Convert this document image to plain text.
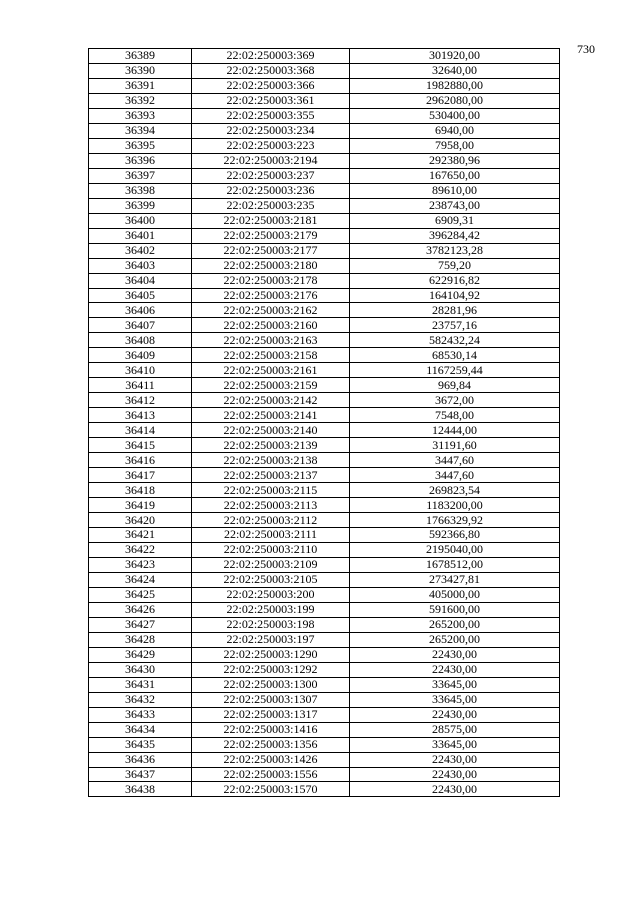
730
36389	22:02:250003:369	301920,00
36390	22:02:250003:368	32640,00
36391	22:02:250003:366	1982880,00
36392	22:02:250003:361	2962080,00
36393	22:02:250003:355	530400,00
36394	22:02:250003:234	6940,00
36395	22:02:250003:223	7958,00
36396	22:02:250003:2194	292380,96
36397	22:02:250003:237	167650,00
36398	22:02:250003:236	89610,00
36399	22:02:250003:235	238743,00
36400	22:02:250003:2181	6909,31
36401	22:02:250003:2179	396284,42
36402	22:02:250003:2177	3782123,28
36403	22:02:250003:2180	759,20
36404	22:02:250003:2178	622916,82
36405	22:02:250003:2176	164104,92
36406	22:02:250003:2162	28281,96
36407	22:02:250003:2160	23757,16
36408	22:02:250003:2163	582432,24
36409	22:02:250003:2158	68530,14
36410	22:02:250003:2161	1167259,44
36411	22:02:250003:2159	969,84
36412	22:02:250003:2142	3672,00
36413	22:02:250003:2141	7548,00
36414	22:02:250003:2140	12444,00
36415	22:02:250003:2139	31191,60
36416	22:02:250003:2138	3447,60
36417	22:02:250003:2137	3447,60
36418	22:02:250003:2115	269823,54
36419	22:02:250003:2113	1183200,00
36420	22:02:250003:2112	1766329,92
36421	22:02:250003:2111	592366,80
36422	22:02:250003:2110	2195040,00
36423	22:02:250003:2109	1678512,00
36424	22:02:250003:2105	273427,81
36425	22:02:250003:200	405000,00
36426	22:02:250003:199	591600,00
36427	22:02:250003:198	265200,00
36428	22:02:250003:197	265200,00
36429	22:02:250003:1290	22430,00
36430	22:02:250003:1292	22430,00
36431	22:02:250003:1300	33645,00
36432	22:02:250003:1307	33645,00
36433	22:02:250003:1317	22430,00
36434	22:02:250003:1416	28575,00
36435	22:02:250003:1356	33645,00
36436	22:02:250003:1426	22430,00
36437	22:02:250003:1556	22430,00
36438	22:02:250003:1570	22430,00
